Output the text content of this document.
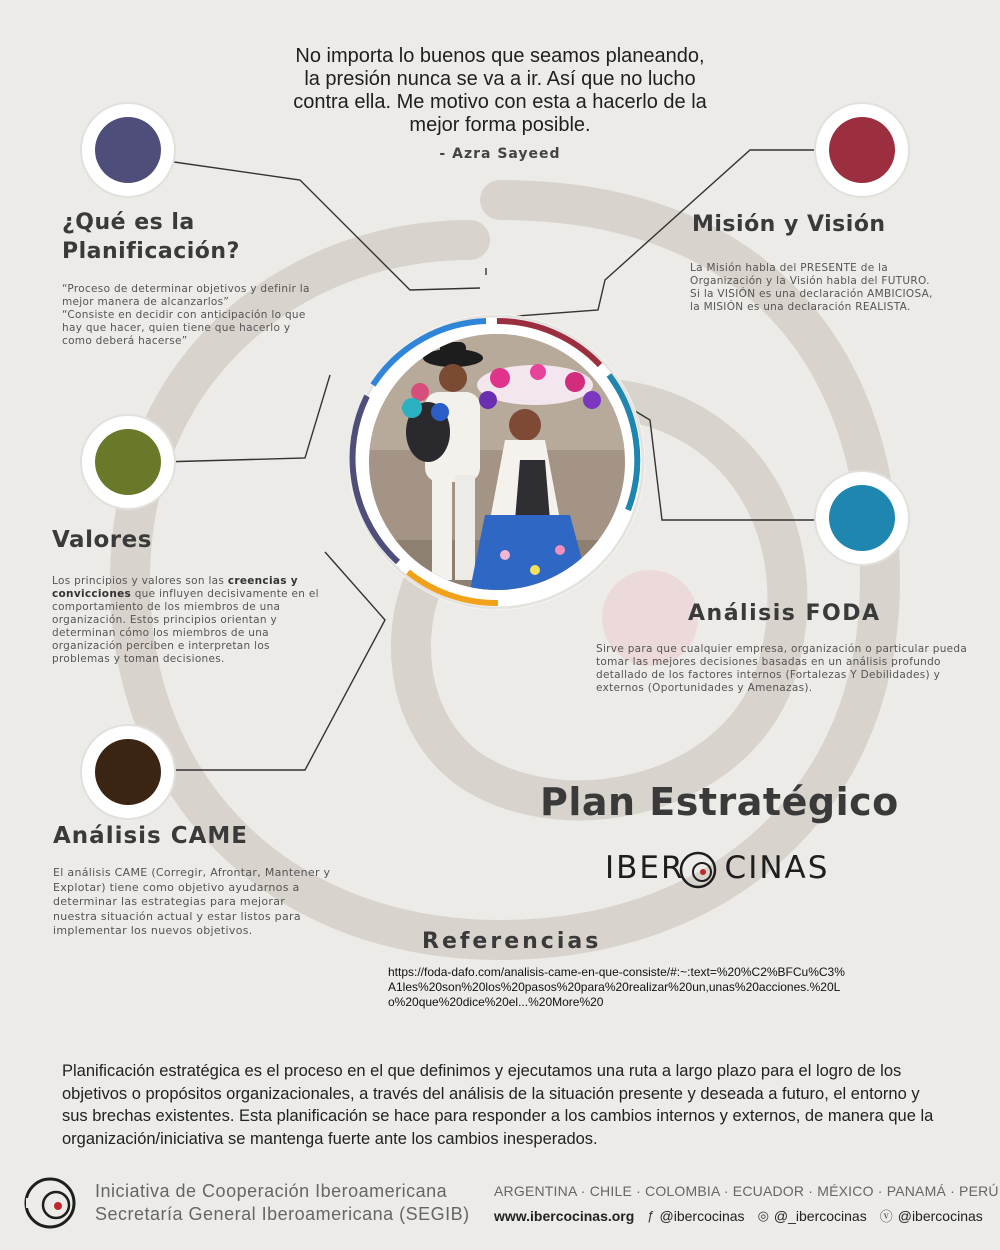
No importa lo buenos que seamos planeando,
la presión nunca se va a ir. Así que no lucho
contra ella. Me motivo con esta a hacerlo de la
mejor forma posible.
- Azra Sayeed
¿Qué es la
Planificación?
“Proceso de determinar objetivos y definir la
mejor manera de alcanzarlos”
“Consiste en decidir con anticipación lo que
hay que hacer, quien tiene que hacerlo y
como deberá hacerse”
Misión y Visión
La Misión habla del PRESENTE de la
Organización y la Visión habla del FUTURO.
Si la VISIÓN es una declaración AMBICIOSA,
la MISIÓN es una declaración REALISTA.
Valores
Los principios y valores son las creencias y
convicciones que influyen decisivamente en el
comportamiento de los miembros de una
organización. Estos principios orientan y
determinan cómo los miembros de una
organización perciben e interpretan los
problemas y toman decisiones.
Análisis FODA
Sirve para que cualquier empresa, organización o particular pueda
tomar las mejores decisiones basadas en un análisis profundo
detallado de los factores internos (Fortalezas Y Debilidades) y
externos (Oportunidades y Amenazas).
Análisis CAME
El análisis CAME (Corregir, Afrontar, Mantener y
Explotar) tiene como objetivo ayudarnos a
determinar las estrategias para mejorar
nuestra situación actual y estar listos para
implementar los nuevos objetivos.
Plan Estratégico
IBER CINAS
Referencias
https://foda-dafo.com/analisis-came-en-que-consiste/#:~:text=%20%C2%BFCu%C3%A1les%20son%20los%20pasos%20para%20realizar%20un,unas%20acciones.%20Lo%20que%20dice%20el...%20More%20
Planificación estratégica es el proceso en el que definimos y ejecutamos una ruta a largo plazo para el logro de los objetivos o propósitos organizacionales, a través del análisis de la situación presente y deseada a futuro, el entorno y sus brechas existentes. Esta planificación se hace para responder a los cambios internos y externos, de manera que la organización/iniciativa se mantenga fuerte ante los cambios inesperados.
Iniciativa de Cooperación Iberoamericana
Secretaría General Iberoamericana (SEGIB)
ARGENTINA · CHILE · COLOMBIA · ECUADOR · MÉXICO · PANAMÁ · PERÚ
www.ibercocinas.org ƒ @ibercocinas ◎ @_ibercocinas ⓥ @ibercocinas
